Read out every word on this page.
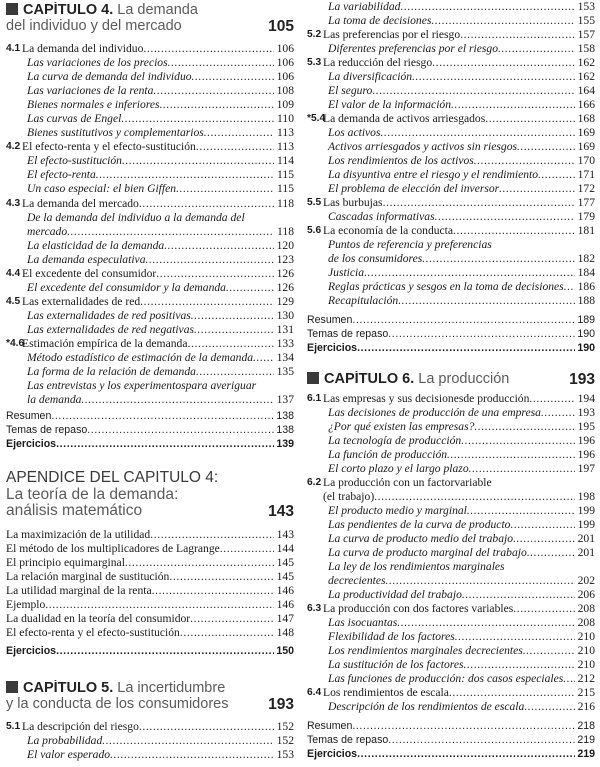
CAPÍTULO 4. La demanda
del individuo y del mercado	105
4.1 La demanda del individuo .....	106
Las variaciones de los precios .....	106
La curva de demanda del individuo .....	106
Las variaciones de la renta .....	108
Bienes normales e inferiores .....	109
Las curvas de Engel .....	110
Bienes sustitutivos y complementarios .....	113
4.2 El efecto-renta y el efecto-sustitución .....	113
El efecto-sustitución .....	114
El efecto-renta .....	115
Un caso especial: el bien Giffen .....	115
4.3 La demanda del mercado .....	118
De la demanda del individuo a la demanda del
mercado .....	118
La elasticidad de la demanda .....	120
La demanda especulativa .....	123
4.4 El excedente del consumidor .....	126
El excedente del consumidor y la demanda .....	126
4.5 Las externalidades de red .....	129
Las externalidades de red positivas .....	130
Las externalidades de red negativas .....	131
*4.6
Estimación empírica de la demanda .....	133
Método estadístico de estimación de la demanda ..... 134
La forma de la relación de demanda .....	135
Las entrevistas y los experimentospara averiguar
la demanda .....	137
Resumen .....	138
Temas de repaso .....	138
Ejercicios .....	139
APÉNDICE DEL CAPÍTULO 4:
La teoría de la demanda:
análisis matemático	143
La maximización de la utilidad .....	143
El método de los multiplicadores de Lagrange .....	144
El principio equimarginal .....	145
La relación marginal de sustitución .....	145
La utilidad marginal de la renta .....	146
Ejemplo .....	146
La dualidad en la teoría del consumidor .....	147
El efecto-renta y el efecto-sustitución .....	148
Ejercicios .....	150
CAPÍTULO 5. La incertidumbre
y la conducta de los consumidores	193
5.1 La descripción del riesgo .....	152
La probabilidad .....	152
El valor esperado .....	153
La variabilidad .....	153
La toma de decisiones .....	155
5.2 Las preferencias por el riesgo .....	157
Diferentes preferencias por el riesgo .....	158
5.3 La reducción del riesgo .....	162
La diversificación .....	162
El seguro .....	164
El valor de la información .....	166
*5.4
La demanda de activos arriesgados .....	168
Los activos .....	169
Activos arriesgados y activos sin riesgos .....	169
Los rendimientos de los activos .....	170
La disyuntiva entre el riesgo y el rendimiento .....	171
El problema de elección del inversor .....	172
5.5 Las burbujas .....	177
Cascadas informativas .....	179
5.6 La economía de la conducta .....	181
Puntos de referencia y preferencias
de los consumidores .....	182
Justicia .....	184
Reglas prácticas y sesgos en la toma de decisiones ..... 186
Recapitulación .....	188
Resumen .....	189
Temas de repaso .....	190
Ejercicios .....	190
CAPÍTULO 6. La producción	193
6.1 Las empresas y sus decisionesde producción .....	194
Las decisiones de producción de una empresa .....	193
¿Por qué existen las empresas? .....	195
La tecnología de producción .....	196
La función de producción .....	196
El corto plazo y el largo plazo .....	197
6.2 La producción con un factorvariable
(el trabajo) .....	198
El producto medio y marginal .....	199
Las pendientes de la curva de producto .....	199
La curva de producto medio del trabajo .....	201
La curva de producto marginal del trabajo .....	201
La ley de los rendimientos marginales
decrecientes .....	202
La productividad del trabajo .....	206
6.3 La producción con dos factores variables .....	208
Las isocuantas .....	208
Flexibilidad de los factores .....	210
Los rendimientos marginales decrecientes .....	210
La sustitución de los factores .....	210
Las funciones de producción: dos casos especiales ..... 212
6.4 Los rendimientos de escala .....	215
Descripción de los rendimientos de escala .....	216
Resumen .....	218
Temas de repaso .....	219
Ejercicios .....	219
